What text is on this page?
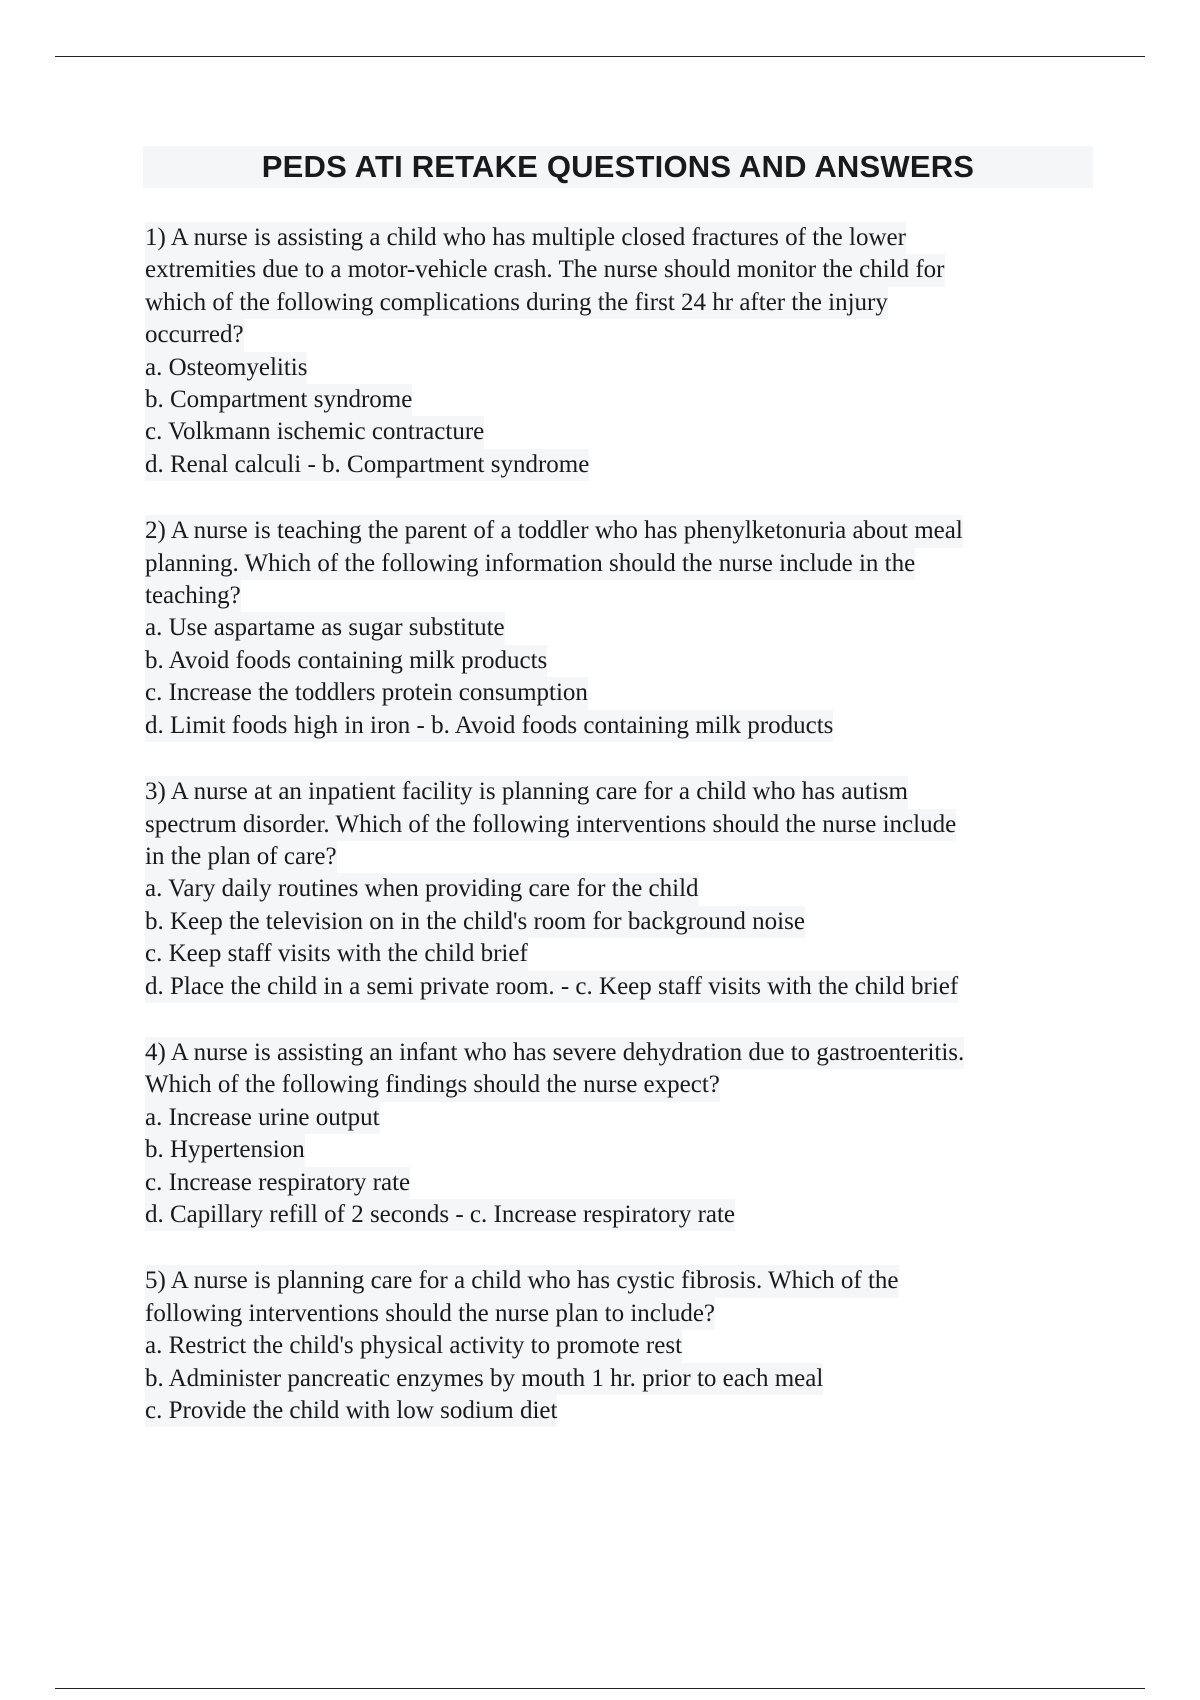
PEDS ATI RETAKE QUESTIONS AND ANSWERS
1) A nurse is assisting a child who has multiple closed fractures of the lower
extremities due to a motor-vehicle crash. The nurse should monitor the child for
which of the following complications during the first 24 hr after the injury
occurred?
a. Osteomyelitis
b. Compartment syndrome
c. Volkmann ischemic contracture
d. Renal calculi - b. Compartment syndrome
2) A nurse is teaching the parent of a toddler who has phenylketonuria about meal
planning. Which of the following information should the nurse include in the
teaching?
a. Use aspartame as sugar substitute
b. Avoid foods containing milk products
c. Increase the toddlers protein consumption
d. Limit foods high in iron - b. Avoid foods containing milk products
3) A nurse at an inpatient facility is planning care for a child who has autism
spectrum disorder. Which of the following interventions should the nurse include
in the plan of care?
a. Vary daily routines when providing care for the child
b. Keep the television on in the child's room for background noise
c. Keep staff visits with the child brief
d. Place the child in a semi private room. - c. Keep staff visits with the child brief
4) A nurse is assisting an infant who has severe dehydration due to gastroenteritis.
Which of the following findings should the nurse expect?
a. Increase urine output
b. Hypertension
c. Increase respiratory rate
d. Capillary refill of 2 seconds - c. Increase respiratory rate
5) A nurse is planning care for a child who has cystic fibrosis. Which of the
following interventions should the nurse plan to include?
a. Restrict the child's physical activity to promote rest
b. Administer pancreatic enzymes by mouth 1 hr. prior to each meal
c. Provide the child with low sodium diet
